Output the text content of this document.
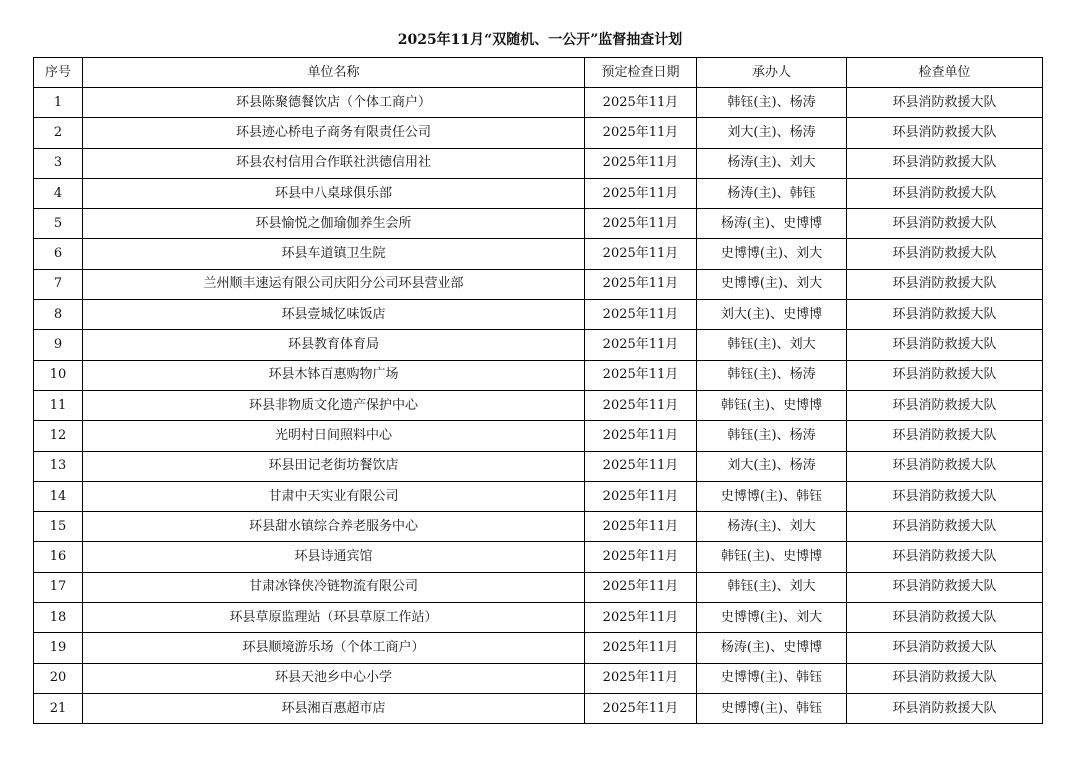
2025年11月“双随机、一公开”监督抽查计划
序号	单位名称	预定检查日期	承办人	检查单位
1	环县陈聚德餐饮店（个体工商户）	2025年11月	韩钰(主)、杨涛	环县消防救援大队
2	环县迹心桥电子商务有限责任公司	2025年11月	刘大(主)、杨涛	环县消防救援大队
3	环县农村信用合作联社洪德信用社	2025年11月	杨涛(主)、刘大	环县消防救援大队
4	环县中八桌球俱乐部	2025年11月	杨涛(主)、韩钰	环县消防救援大队
5	环县愉悦之伽瑜伽养生会所	2025年11月	杨涛(主)、史博博	环县消防救援大队
6	环县车道镇卫生院	2025年11月	史博博(主)、刘大	环县消防救援大队
7	兰州顺丰速运有限公司庆阳分公司环县营业部	2025年11月	史博博(主)、刘大	环县消防救援大队
8	环县壹城忆味饭店	2025年11月	刘大(主)、史博博	环县消防救援大队
9	环县教育体育局	2025年11月	韩钰(主)、刘大	环县消防救援大队
10	环县木钵百惠购物广场	2025年11月	韩钰(主)、杨涛	环县消防救援大队
11	环县非物质文化遗产保护中心	2025年11月	韩钰(主)、史博博	环县消防救援大队
12	光明村日间照料中心	2025年11月	韩钰(主)、杨涛	环县消防救援大队
13	环县田记老街坊餐饮店	2025年11月	刘大(主)、杨涛	环县消防救援大队
14	甘肃中天实业有限公司	2025年11月	史博博(主)、韩钰	环县消防救援大队
15	环县甜水镇综合养老服务中心	2025年11月	杨涛(主)、刘大	环县消防救援大队
16	环县诗通宾馆	2025年11月	韩钰(主)、史博博	环县消防救援大队
17	甘肃冰锋侠冷链物流有限公司	2025年11月	韩钰(主)、刘大	环县消防救援大队
18	环县草原监理站（环县草原工作站）	2025年11月	史博博(主)、刘大	环县消防救援大队
19	环县顺境游乐场（个体工商户）	2025年11月	杨涛(主)、史博博	环县消防救援大队
20	环县天池乡中心小学	2025年11月	史博博(主)、韩钰	环县消防救援大队
21	环县湘百惠超市店	2025年11月	史博博(主)、韩钰	环县消防救援大队
